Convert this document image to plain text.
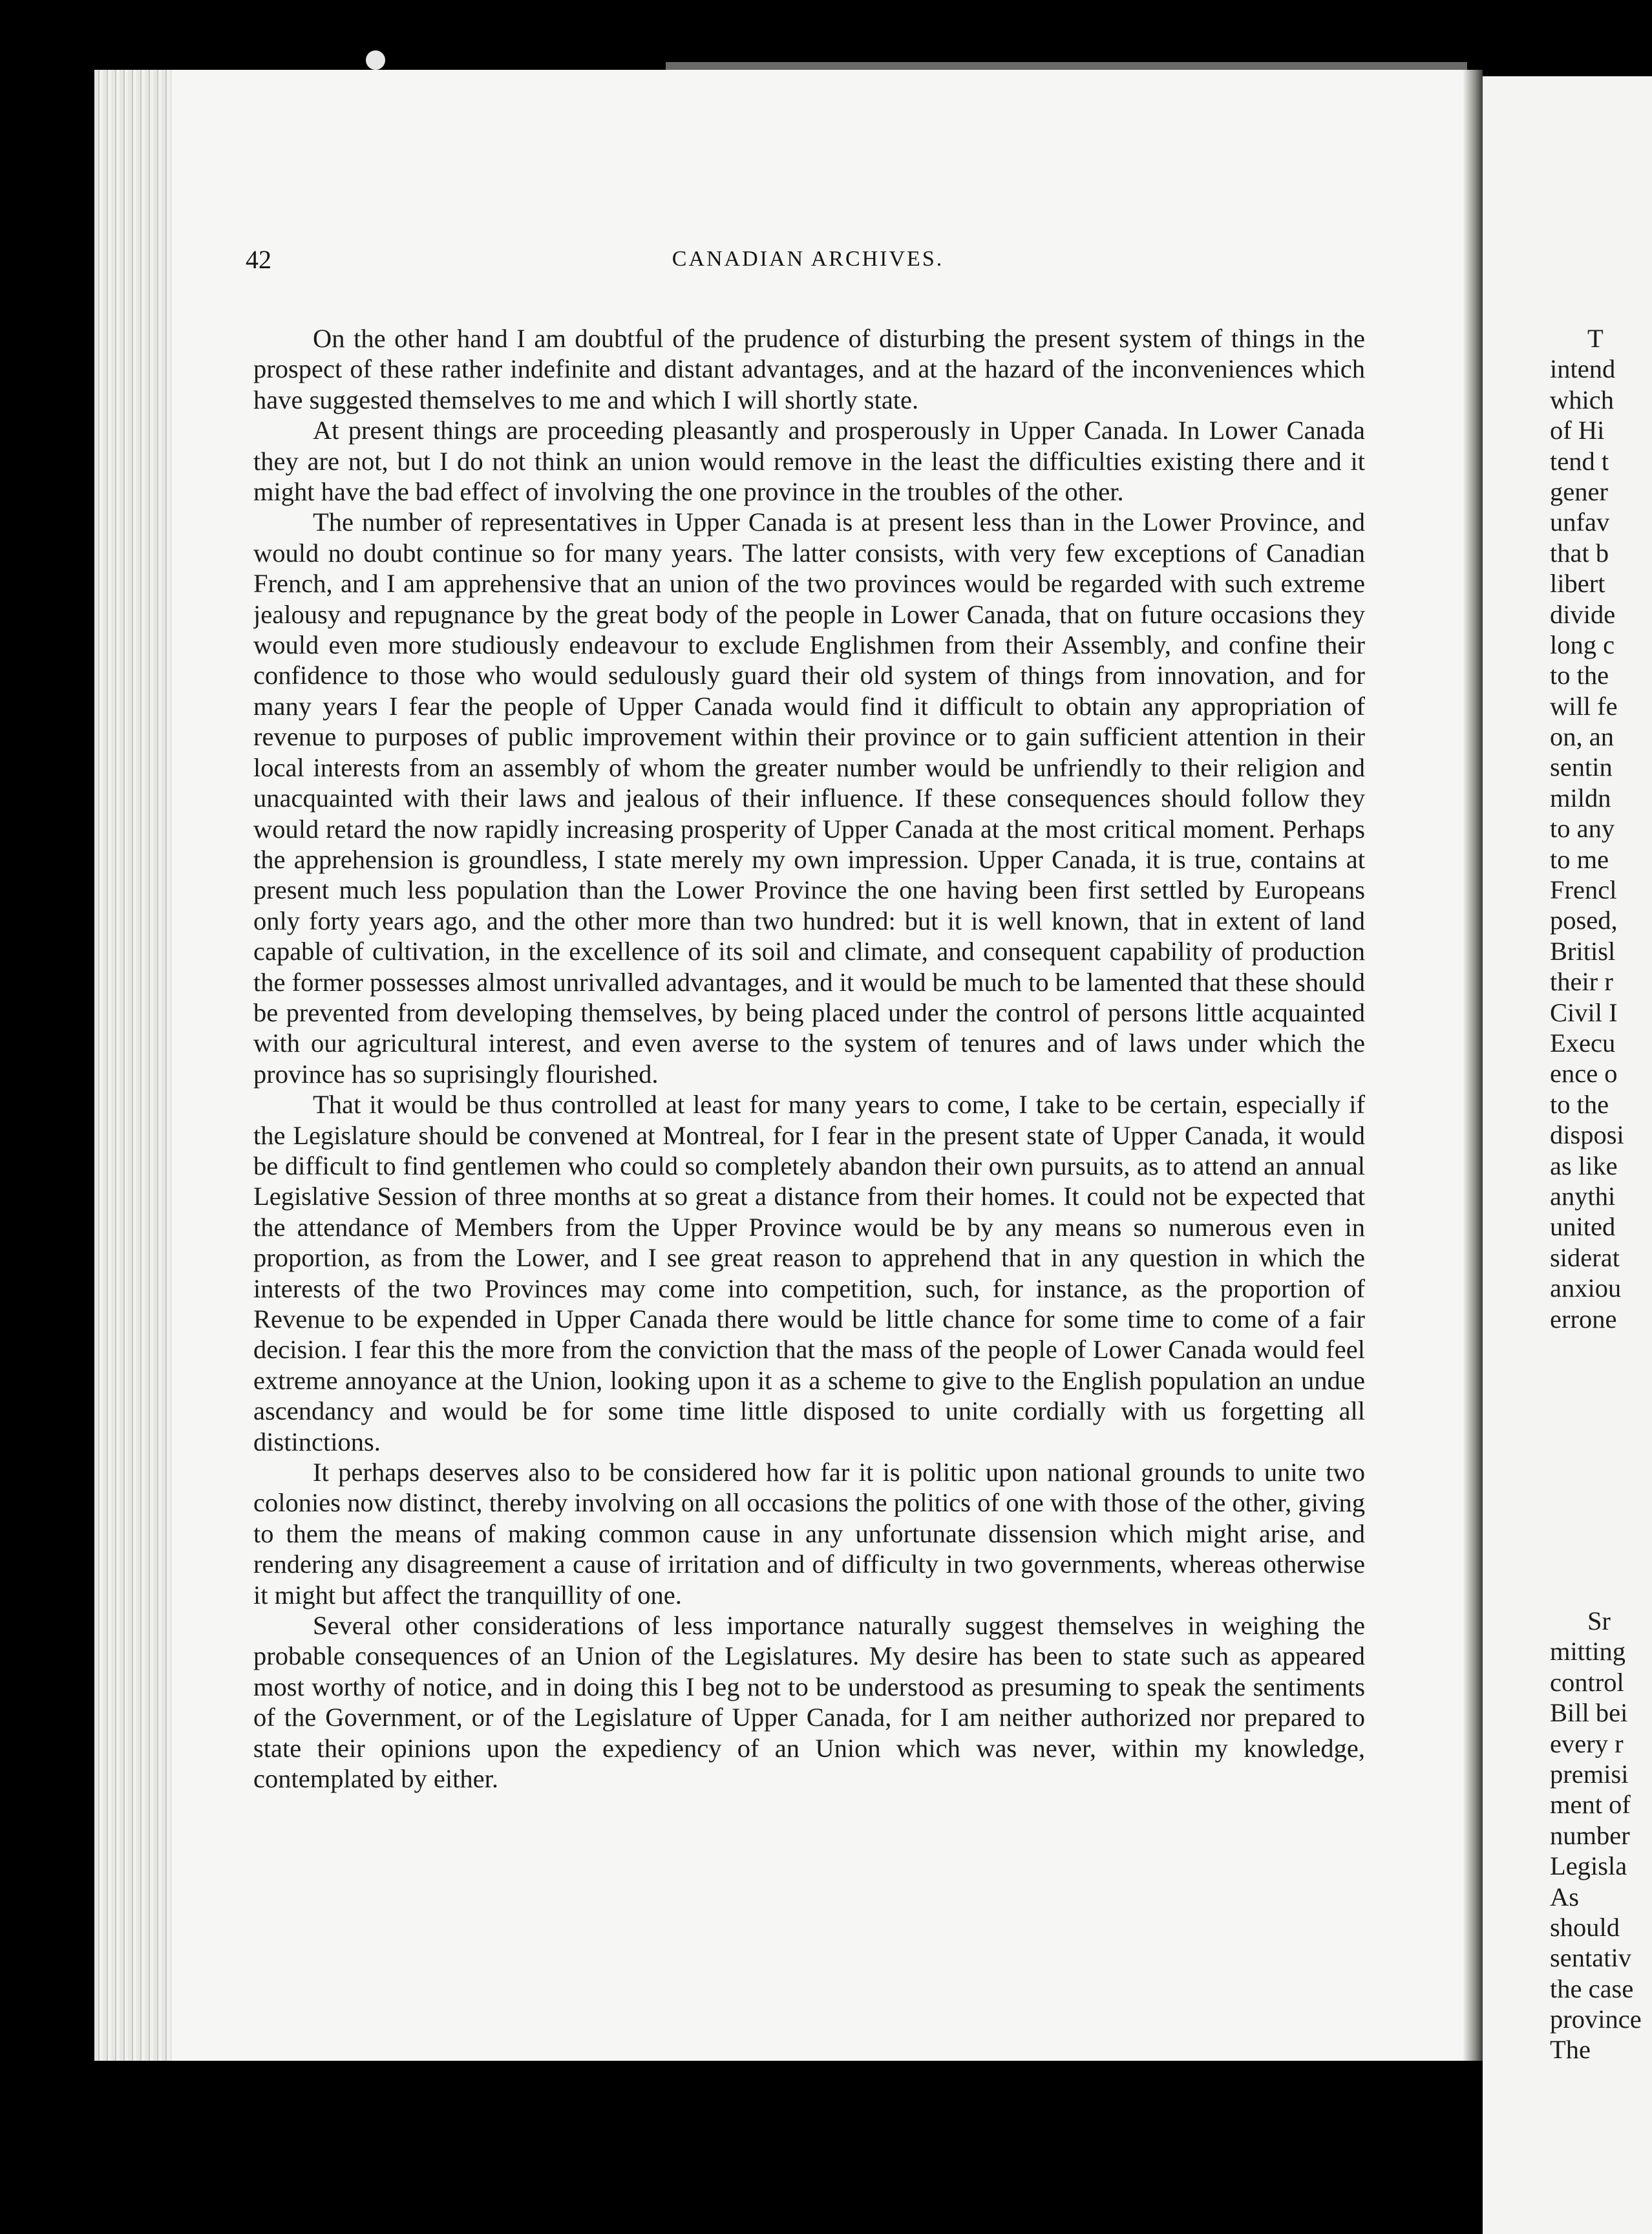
42	CANADIAN ARCHIVES.

On the other hand I am doubtful of the prudence of disturbing the present system of things in the prospect of these rather indefinite and distant advantages, and at the hazard of the inconveniences which have suggested themselves to me and which I will shortly state.

At present things are proceeding pleasantly and prosperously in Upper Canada. In Lower Canada they are not, but I do not think an union would remove in the least the difficulties existing there and it might have the bad effect of involving the one province in the troubles of the other.

The number of representatives in Upper Canada is at present less than in the Lower Province, and would no doubt continue so for many years. The latter consists, with very few exceptions of Canadian French, and I am apprehensive that an union of the two provinces would be regarded with such extreme jealousy and repugnance by the great body of the people in Lower Canada, that on future occasions they would even more studiously endeavour to exclude Englishmen from their Assembly, and confine their confidence to those who would sedulously guard their old system of things from innovation, and for many years I fear the people of Upper Canada would find it difficult to obtain any appropriation of revenue to purposes of public improvement within their province or to gain sufficient attention in their local interests from an assembly of whom the greater number would be unfriendly to their religion and unacquainted with their laws and jealous of their influence. If these consequences should follow they would retard the now rapidly increasing prosperity of Upper Canada at the most critical moment. Perhaps the apprehension is groundless, I state merely my own impression. Upper Canada, it is true, contains at present much less population than the Lower Province the one having been first settled by Europeans only forty years ago, and the other more than two hundred: but it is well known, that in extent of land capable of cultivation, in the excellence of its soil and climate, and consequent capability of production the former possesses almost unrivalled advantages, and it would be much to be lamented that these should be prevented from developing themselves, by being placed under the control of persons little acquainted with our agricultural interest, and even averse to the system of tenures and of laws under which the province has so suprisingly flourished.

That it would be thus controlled at least for many years to come, I take to be certain, especially if the Legislature should be convened at Montreal, for I fear in the present state of Upper Canada, it would be difficult to find gentlemen who could so completely abandon their own pursuits, as to attend an annual Legislative Session of three months at so great a distance from their homes. It could not be expected that the attendance of Members from the Upper Province would be by any means so numerous even in proportion, as from the Lower, and I see great reason to apprehend that in any question in which the interests of the two Provinces may come into competition, such, for instance, as the proportion of Revenue to be expended in Upper Canada there would be little chance for some time to come of a fair decision. I fear this the more from the conviction that the mass of the people of Lower Canada would feel extreme annoyance at the Union, looking upon it as a scheme to give to the English population an undue ascendancy and would be for some time little disposed to unite cordially with us forgetting all distinctions.

It perhaps deserves also to be considered how far it is politic upon national grounds to unite two colonies now distinct, thereby involving on all occasions the politics of one with those of the other, giving to them the means of making common cause in any unfortunate dissension which might arise, and rendering any disagreement a cause of irritation and of difficulty in two governments, whereas otherwise it might but affect the tranquillity of one.

Several other considerations of less importance naturally suggest themselves in weighing the probable consequences of an Union of the Legislatures. My desire has been to state such as appeared most worthy of notice, and in doing this I beg not to be understood as presuming to speak the sentiments of the Government, or of the Legislature of Upper Canada, for I am neither authorized nor prepared to state their opinions upon the expediency of an Union which was never, within my knowledge, contemplated by either.

T
intend
which
of Hi
tend t
gener
unfav
that b
libert
divide
long c
to the
will fe
on, an
sentin
mildn
to any
to me
Frencl
posed,
Britisl
their r
Civil I
Execu
ence o
to the
disposi
as like
anythi
united
siderat
anxiou
errone
Sr
mitting
control
Bill bei
every r
premisi
ment of
number
Legisla
As
should
sentativ
the case
province
The
